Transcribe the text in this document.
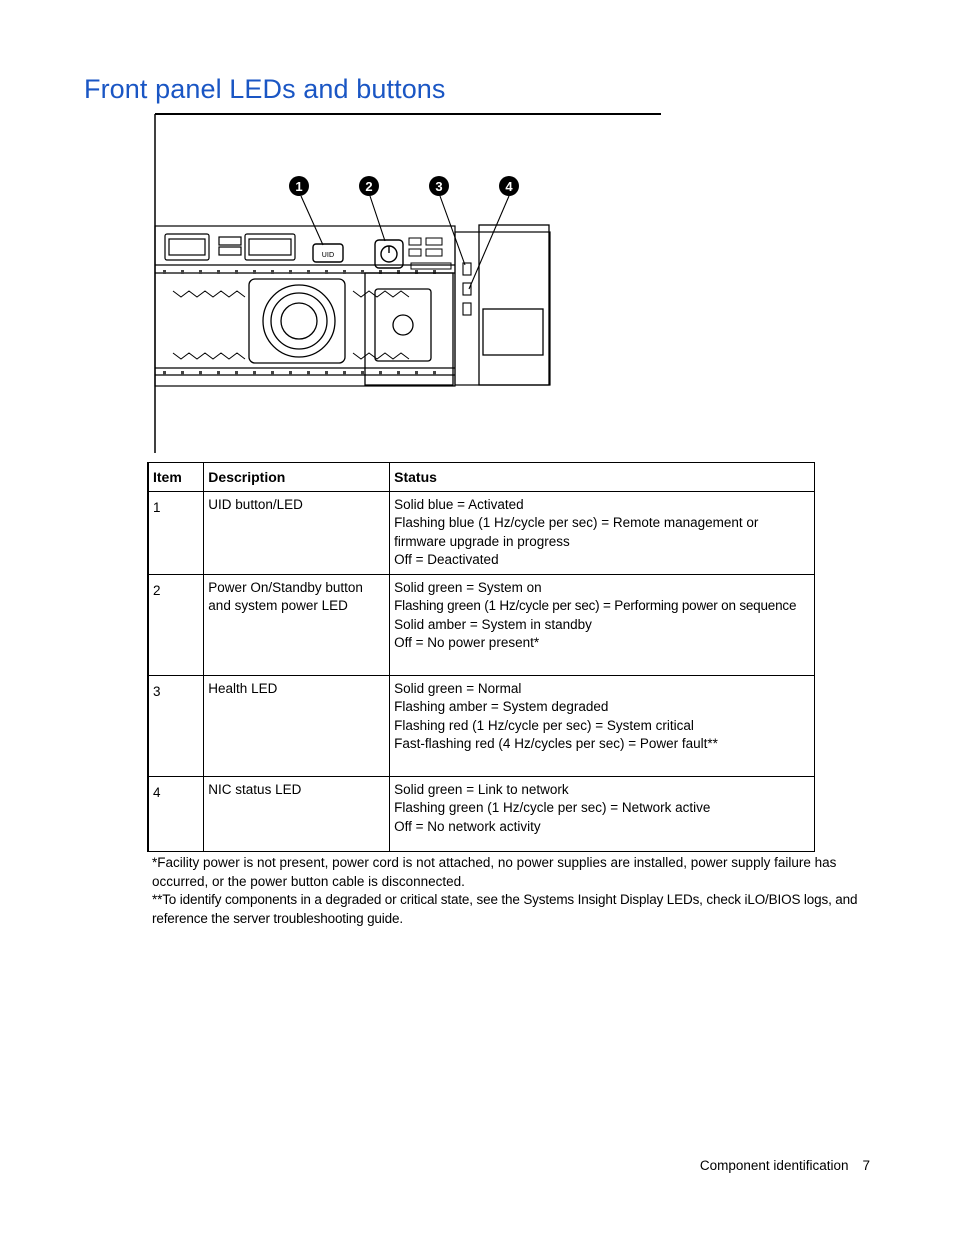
Front panel LEDs and buttons
UID
1	2	3	4
Item	Description	Status
1	UID button/LED	Solid blue = Activated
Flashing blue (1 Hz/cycle per sec) = Remote management or firmware upgrade in progress
Off = Deactivated

2	Power On/Standby button and system power LED	Solid green = System on
Flashing green (1 Hz/cycle per sec) = Performing power on sequence
Solid amber = System in standby
Off = No power present*

3	Health LED	Solid green = Normal
Flashing amber = System degraded
Flashing red (1 Hz/cycle per sec) = System critical
Fast-flashing red (4 Hz/cycles per sec) = Power fault**

4	NIC status LED	Solid green = Link to network
Flashing green (1 Hz/cycle per sec) = Network active
Off = No network activity

*Facility power is not present, power cord is not attached, no power supplies are installed, power supply failure has occurred, or the power button cable is disconnected.

**To identify components in a degraded or critical state, see the Systems Insight Display LEDs, check iLO/BIOS logs, and reference the server troubleshooting guide.

Component identification 7
